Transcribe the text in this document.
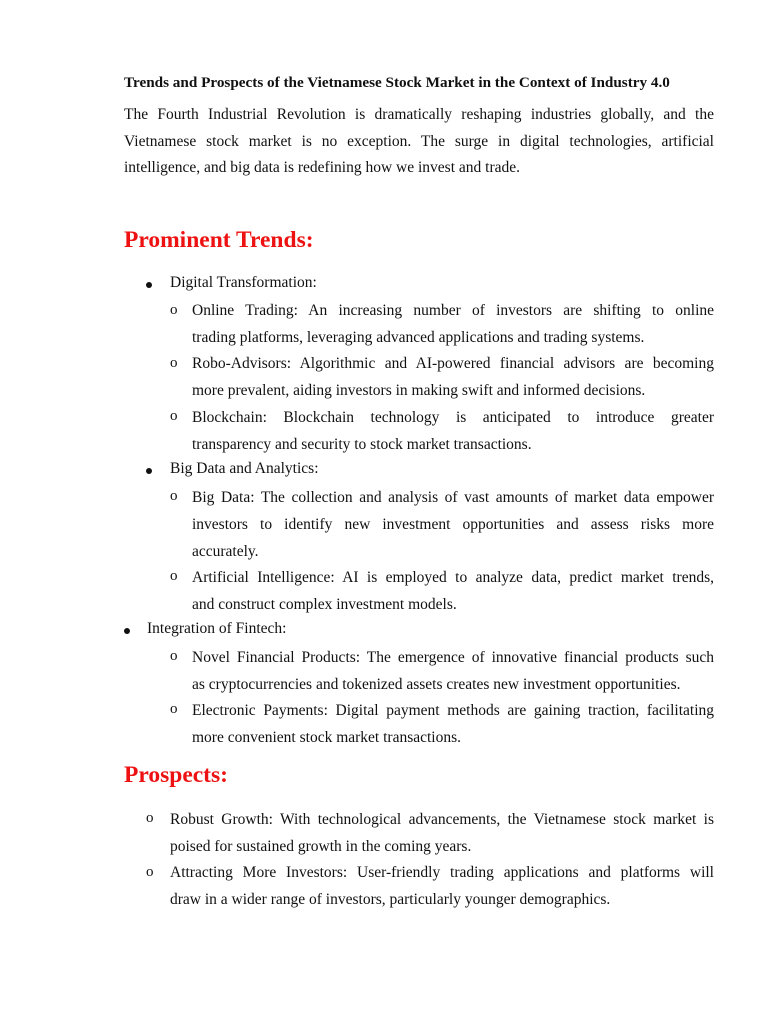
Trends and Prospects of the Vietnamese Stock Market in the Context of Industry 4.0
The Fourth Industrial Revolution is dramatically reshaping industries globally, and the
Vietnamese stock market is no exception. The surge in digital technologies, artificial
intelligence, and big data is redefining how we invest and trade.
Prominent Trends:
Digital Transformation:
o Online Trading: An increasing number of investors are shifting to online
trading platforms, leveraging advanced applications and trading systems.
o Robo-Advisors: Algorithmic and AI-powered financial advisors are becoming
more prevalent, aiding investors in making swift and informed decisions.
o Blockchain: Blockchain technology is anticipated to introduce greater
transparency and security to stock market transactions.
Big Data and Analytics:
o Big Data: The collection and analysis of vast amounts of market data empower
investors to identify new investment opportunities and assess risks more
accurately.
o Artificial Intelligence: AI is employed to analyze data, predict market trends,
and construct complex investment models.
Integration of Fintech:
o Novel Financial Products: The emergence of innovative financial products such
as cryptocurrencies and tokenized assets creates new investment opportunities.
o Electronic Payments: Digital payment methods are gaining traction, facilitating
more convenient stock market transactions.
Prospects:
o Robust Growth: With technological advancements, the Vietnamese stock market is
poised for sustained growth in the coming years.
o Attracting More Investors: User-friendly trading applications and platforms will
draw in a wider range of investors, particularly younger demographics.
